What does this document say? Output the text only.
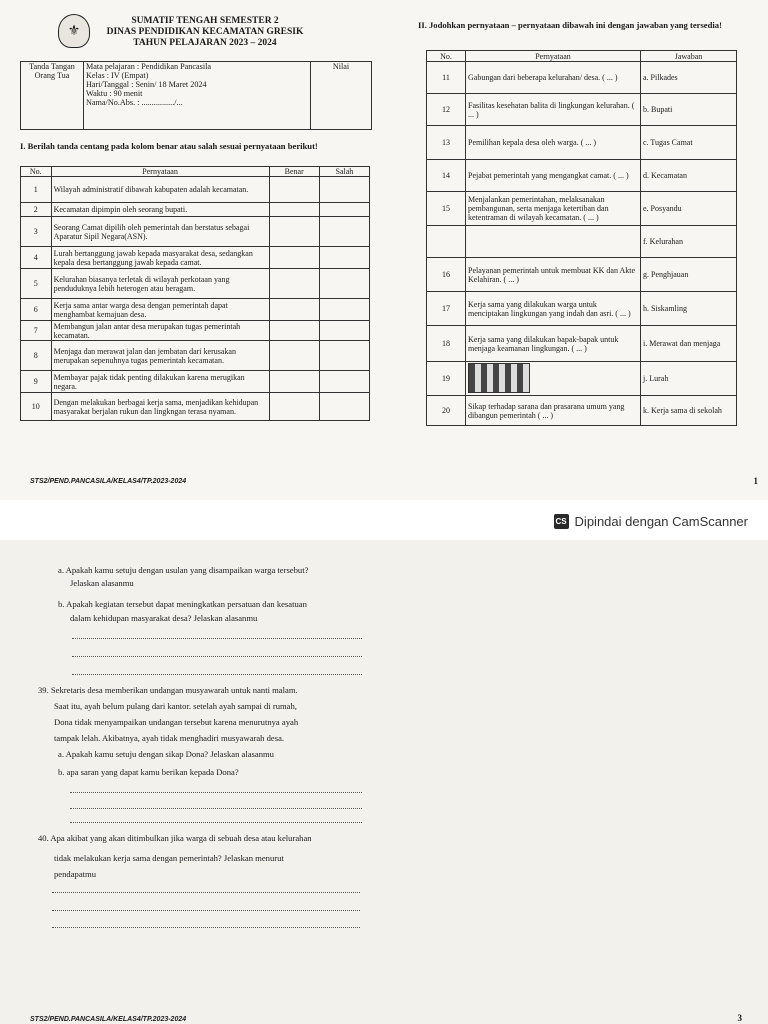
⚜
SUMATIF TENGAH SEMESTER 2
DINAS PENDIDIKAN KECAMATAN GRESIK
TAHUN PELAJARAN 2023 – 2024
Tanda Tangan Orang Tua	
Mata pelajaran : Pendidikan Pancasila
Kelas : IV (Empat)
Hari/Tanggal : Senin/ 18 Maret 2024
Waktu : 90 menit
Nama/No.Abs. : ................/...
	Nilai
I. Berilah tanda centang pada kolom benar atau salah sesuai pernyataan berikut!
No.	Pernyataan	Benar	Salah
1	Wilayah administratif dibawah kabupaten adalah kecamatan.		
2	Kecamatan dipimpin oleh seorang bupati.		
3	Seorang Camat dipilih oleh pemerintah dan berstatus sebagai Aparatur Sipil Negara(ASN).		
4	Lurah bertanggung jawab kepada masyarakat desa, sedangkan kepala desa bertanggung jawab kepada camat.		
5	Kelurahan biasanya terletak di wilayah perkotaan yang penduduknya lebih heterogen atau beragam.		
6	Kerja sama antar warga desa dengan pemerintah dapat menghambat kemajuan desa.		
7	Membangun jalan antar desa merupakan tugas pemerintah kecamatan.		
8	Menjaga dan merawat jalan dan jembatan dari kerusakan merupakan sepenuhnya tugas pemerintah kecamatan.		
9	Membayar pajak tidak penting dilakukan karena merugikan negara.		
10	Dengan melakukan berbagai kerja sama, menjadikan kehidupan masyarakat berjalan rukun dan lingkngan terasa nyaman.		
II. Jodohkan pernyataan – pernyataan dibawah ini dengan jawaban yang tersedia!
No.	Pernyataan	Jawaban
11	Gabungan dari beberapa kelurahan/ desa. ( ... )	a. Pilkades
12	Fasilitas kesehatan balita di lingkungan kelurahan. ( ... )	b. Bupati
13	Pemilihan kepala desa oleh warga. ( ... )	c. Tugas Camat
14	Pejabat pemerintah yang mengangkat camat. ( ... )	d. Kecamatan
15	Menjalankan pemerintahan, melaksanakan pembangunan, serta menjaga ketertiban dan ketentraman di wilayah kecamatan. ( ... )	e. Posyandu
		f. Kelurahan
16	Pelayanan pemerintah untuk membuat KK dan Akte Kelahiran. ( ... )	g. Penghjauan
17	Kerja sama yang dilakukan warga untuk menciptakan lingkungan yang indah dan asri. ( ... )	h. Siskamling
18	Kerja sama yang dilakukan bapak-bapak untuk menjaga keamanan lingkungan. ( ... )	i. Merawat dan menjaga
19		j. Lurah
20	Sikap terhadap sarana dan prasarana umum yang dibangun pemerintah ( ... )	k. Kerja sama di sekolah
STS2/PEND.PANCASILA/KELAS4/TP.2023-2024	1
CS Dipindai dengan CamScanner
a. Apakah kamu setuju dengan usulan yang disampaikan warga tersebut?
Jelaskan alasanmu
b. Apakah kegiatan tersebut dapat meningkatkan persatuan dan kesatuan
dalam kehidupan masyarakat desa? Jelaskan alasanmu
39. Sekretaris desa memberikan undangan musyawarah untuk nanti malam.
Saat itu, ayah belum pulang dari kantor. setelah ayah sampai di rumah,
Dona tidak menyampaikan undangan tersebut karena menurutnya ayah
tampak lelah. Akibatnya, ayah tidak menghadiri musyawarah desa.
a. Apakah kamu setuju dengan sikap Dona? Jelaskan alasanmu
b. apa saran yang dapat kamu berikan kepada Dona?
40. Apa akibat yang akan ditimbulkan jika warga di sebuah desa atau kelurahan
tidak melakukan kerja sama dengan pemerintah? Jelaskan menurut
pendapatmu
STS2/PEND.PANCASILA/KELAS4/TP.2023-2024	3
